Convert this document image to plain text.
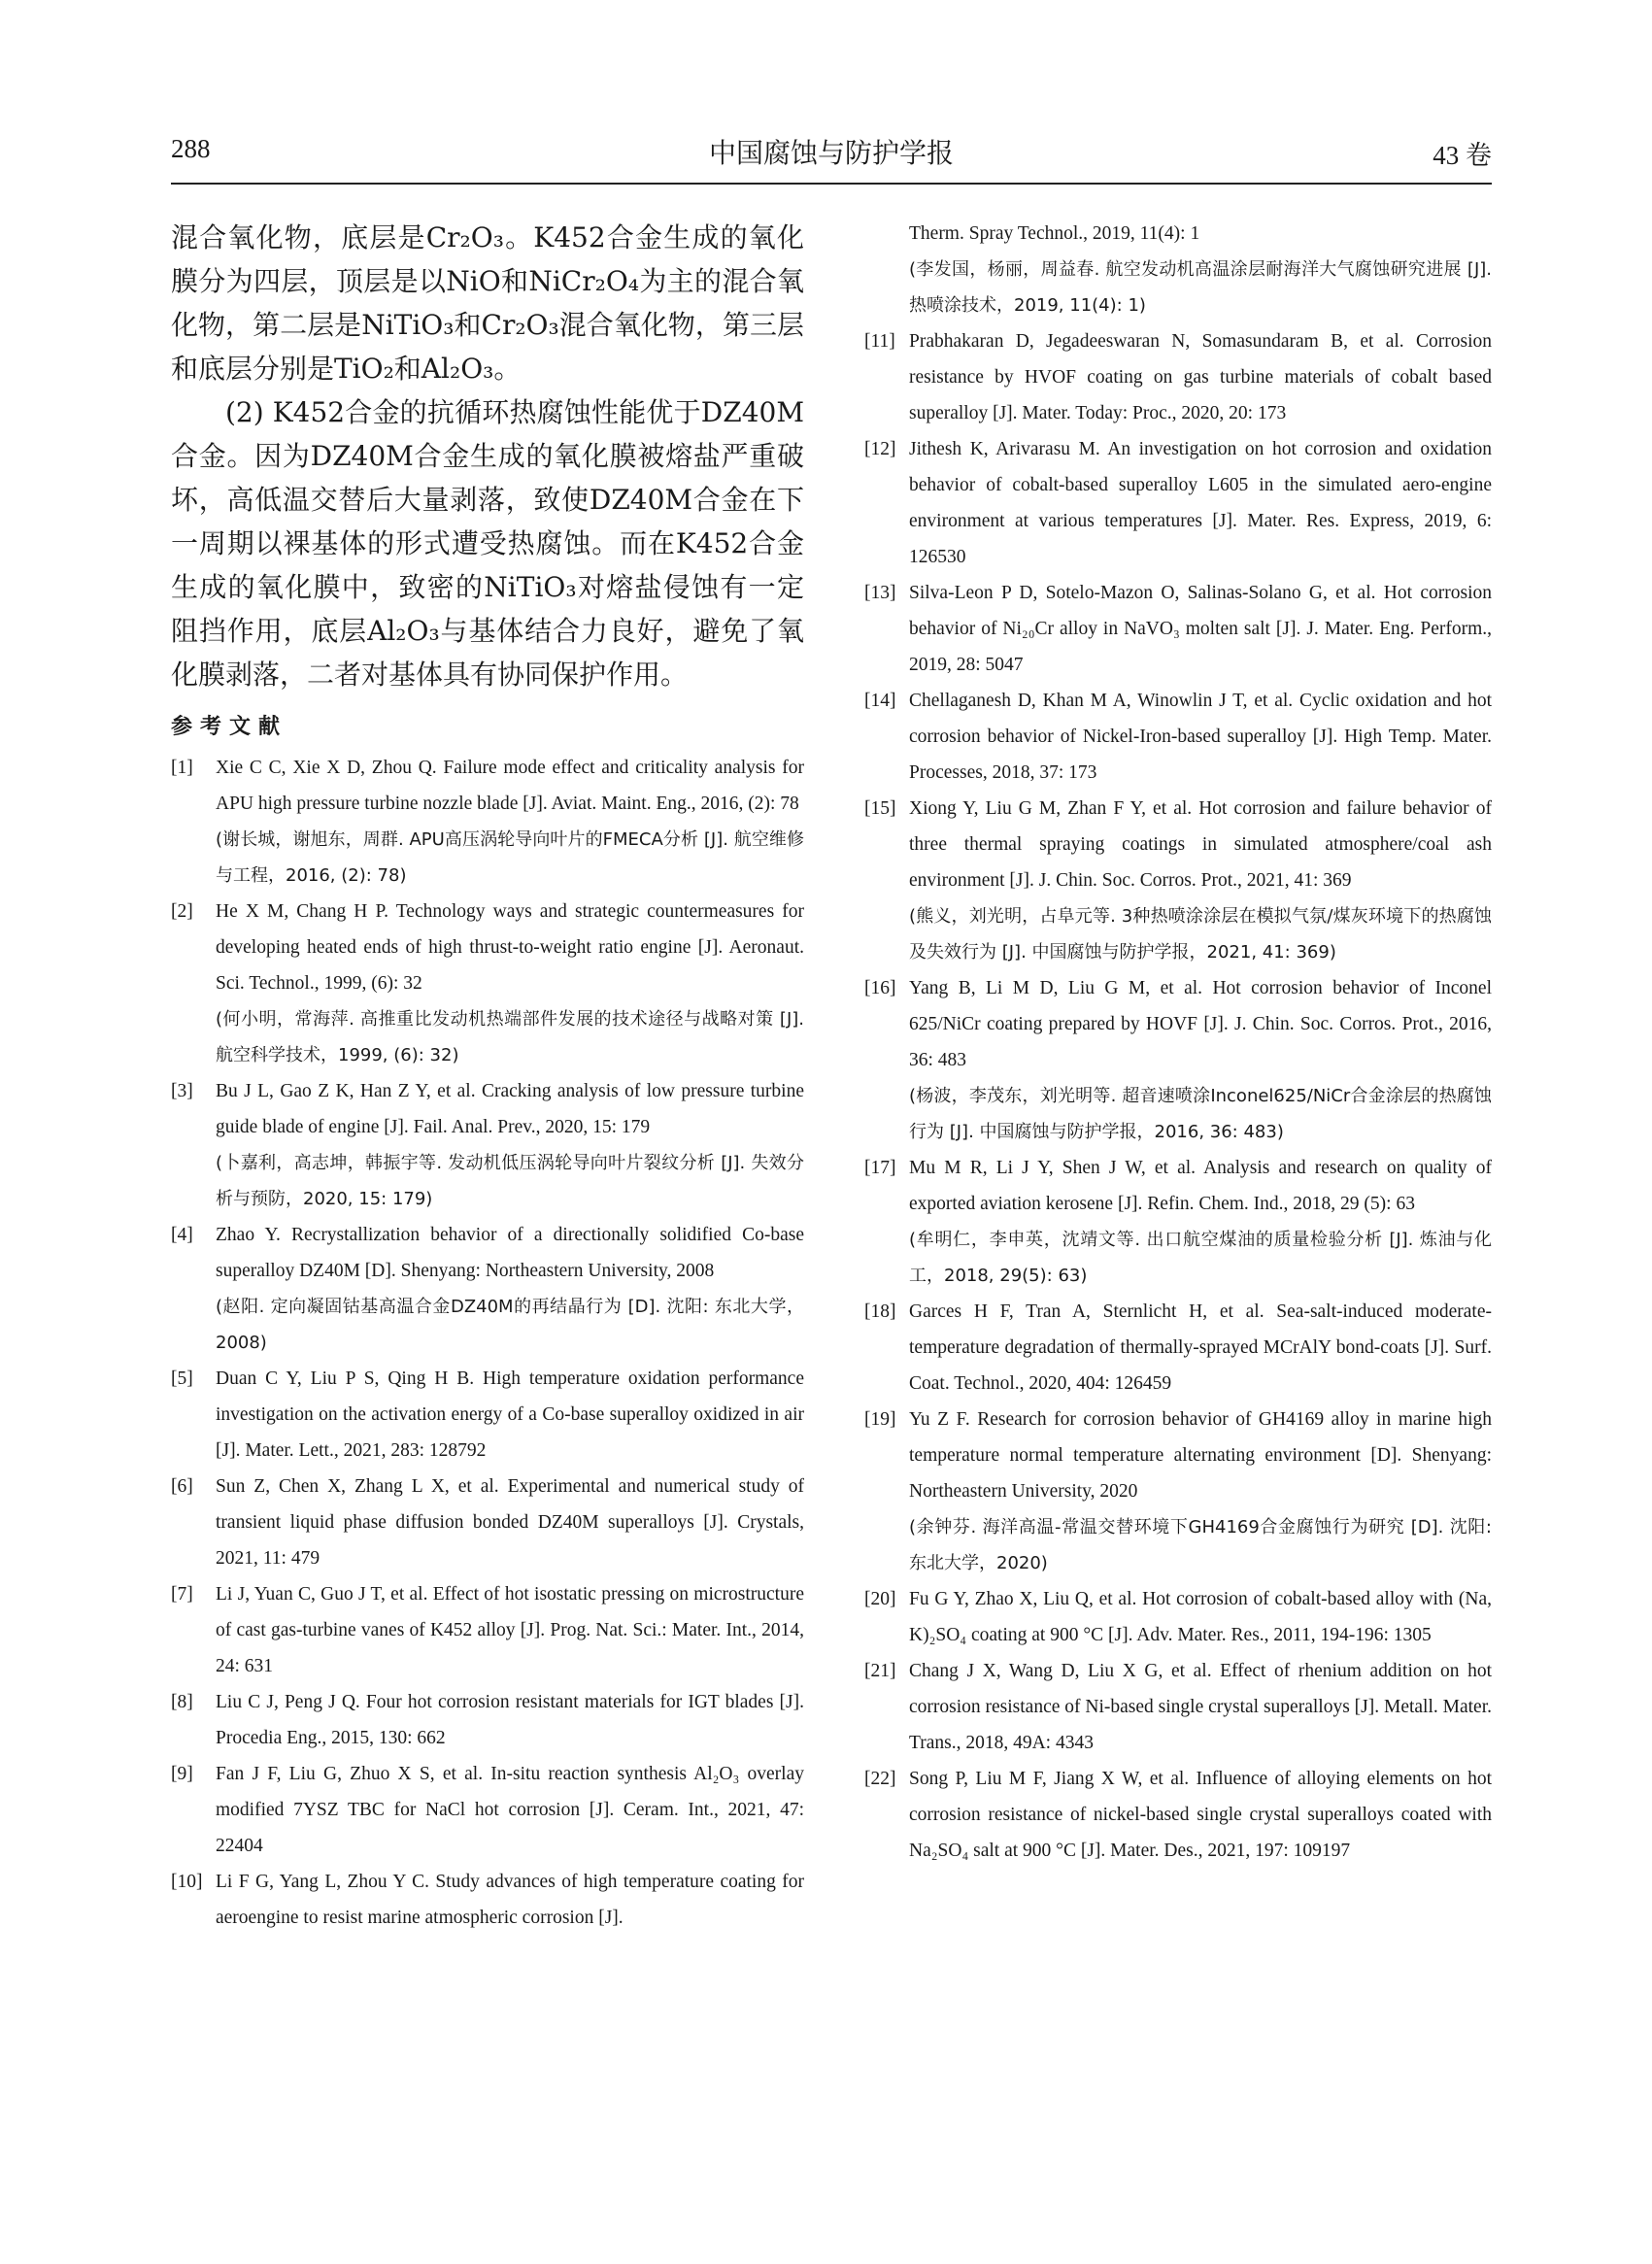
288	中国腐蚀与防护学报	43 卷

混合氧化物，底层是Cr₂O₃。K452合金生成的氧化膜分为四层，顶层是以NiO和NiCr₂O₄为主的混合氧化物，第二层是NiTiO₃和Cr₂O₃混合氧化物，第三层和底层分别是TiO₂和Al₂O₃。

(2) K452合金的抗循环热腐蚀性能优于DZ40M合金。因为DZ40M合金生成的氧化膜被熔盐严重破坏，高低温交替后大量剥落，致使DZ40M合金在下一周期以裸基体的形式遭受热腐蚀。而在K452合金生成的氧化膜中，致密的NiTiO₃对熔盐侵蚀有一定阻挡作用，底层Al₂O₃与基体结合力良好，避免了氧化膜剥落，二者对基体具有协同保护作用。

参考文献
[1] Xie C C, Xie X D, Zhou Q. Failure mode effect and criticality analysis for APU high pressure turbine nozzle blade [J]. Aviat. Maint. Eng., 2016, (2): 78
(谢长城，谢旭东，周群. APU高压涡轮导向叶片的FMECA分析 [J]. 航空维修与工程，2016, (2): 78)
[2] He X M, Chang H P. Technology ways and strategic countermeasures for developing heated ends of high thrust-to-weight ratio engine [J]. Aeronaut. Sci. Technol., 1999, (6): 32
(何小明，常海萍. 高推重比发动机热端部件发展的技术途径与战略对策 [J]. 航空科学技术，1999, (6): 32)
[3] Bu J L, Gao Z K, Han Z Y, et al. Cracking analysis of low pressure turbine guide blade of engine [J]. Fail. Anal. Prev., 2020, 15: 179
(卜嘉利，高志坤，韩振宇等. 发动机低压涡轮导向叶片裂纹分析 [J]. 失效分析与预防，2020, 15: 179)
[4] Zhao Y. Recrystallization behavior of a directionally solidified Co-base superalloy DZ40M [D]. Shenyang: Northeastern University, 2008
(赵阳. 定向凝固钴基高温合金DZ40M的再结晶行为 [D]. 沈阳: 东北大学，2008)
[5] Duan C Y, Liu P S, Qing H B. High temperature oxidation performance investigation on the activation energy of a Co-base superalloy oxidized in air [J]. Mater. Lett., 2021, 283: 128792
[6] Sun Z, Chen X, Zhang L X, et al. Experimental and numerical study of transient liquid phase diffusion bonded DZ40M superalloys [J]. Crystals, 2021, 11: 479
[7] Li J, Yuan C, Guo J T, et al. Effect of hot isostatic pressing on microstructure of cast gas-turbine vanes of K452 alloy [J]. Prog. Nat. Sci.: Mater. Int., 2014, 24: 631
[8] Liu C J, Peng J Q. Four hot corrosion resistant materials for IGT blades [J]. Procedia Eng., 2015, 130: 662
[9] Fan J F, Liu G, Zhuo X S, et al. In-situ reaction synthesis Al₂O₃ overlay modified 7YSZ TBC for NaCl hot corrosion [J]. Ceram. Int., 2021, 47: 22404
[10] Li F G, Yang L, Zhou Y C. Study advances of high temperature coating for aeroengine to resist marine atmospheric corrosion [J].
Therm. Spray Technol., 2019, 11(4): 1
(李发国，杨丽，周益春. 航空发动机高温涂层耐海洋大气腐蚀研究进展 [J]. 热喷涂技术，2019, 11(4): 1)
[11] Prabhakaran D, Jegadeeswaran N, Somasundaram B, et al. Corrosion resistance by HVOF coating on gas turbine materials of cobalt based superalloy [J]. Mater. Today: Proc., 2020, 20: 173
[12] Jithesh K, Arivarasu M. An investigation on hot corrosion and oxidation behavior of cobalt-based superalloy L605 in the simulated aero-engine environment at various temperatures [J]. Mater. Res. Express, 2019, 6: 126530
[13] Silva-Leon P D, Sotelo-Mazon O, Salinas-Solano G, et al. Hot corrosion behavior of Ni₂₀Cr alloy in NaVO₃ molten salt [J]. J. Mater. Eng. Perform., 2019, 28: 5047
[14] Chellaganesh D, Khan M A, Winowlin J T, et al. Cyclic oxidation and hot corrosion behavior of Nickel-Iron-based superalloy [J]. High Temp. Mater. Processes, 2018, 37: 173
[15] Xiong Y, Liu G M, Zhan F Y, et al. Hot corrosion and failure behavior of three thermal spraying coatings in simulated atmosphere/coal ash environment [J]. J. Chin. Soc. Corros. Prot., 2021, 41: 369
(熊义，刘光明，占阜元等. 3种热喷涂涂层在模拟气氛/煤灰环境下的热腐蚀及失效行为 [J]. 中国腐蚀与防护学报，2021, 41: 369)
[16] Yang B, Li M D, Liu G M, et al. Hot corrosion behavior of Inconel 625/NiCr coating prepared by HOVF [J]. J. Chin. Soc. Corros. Prot., 2016, 36: 483
(杨波，李茂东，刘光明等. 超音速喷涂Inconel625/NiCr合金涂层的热腐蚀行为 [J]. 中国腐蚀与防护学报，2016, 36: 483)
[17] Mu M R, Li J Y, Shen J W, et al. Analysis and research on quality of exported aviation kerosene [J]. Refin. Chem. Ind., 2018, 29 (5): 63
(牟明仁，李申英，沈靖文等. 出口航空煤油的质量检验分析 [J]. 炼油与化工，2018, 29(5): 63)
[18] Garces H F, Tran A, Sternlicht H, et al. Sea-salt-induced moderate-temperature degradation of thermally-sprayed MCrAlY bond-coats [J]. Surf. Coat. Technol., 2020, 404: 126459
[19] Yu Z F. Research for corrosion behavior of GH4169 alloy in marine high temperature normal temperature alternating environment [D]. Shenyang: Northeastern University, 2020
(余钟芬. 海洋高温-常温交替环境下GH4169合金腐蚀行为研究 [D]. 沈阳: 东北大学，2020)
[20] Fu G Y, Zhao X, Liu Q, et al. Hot corrosion of cobalt-based alloy with (Na, K)₂SO₄ coating at 900 °C [J]. Adv. Mater. Res., 2011, 194-196: 1305
[21] Chang J X, Wang D, Liu X G, et al. Effect of rhenium addition on hot corrosion resistance of Ni-based single crystal superalloys [J]. Metall. Mater. Trans., 2018, 49A: 4343
[22] Song P, Liu M F, Jiang X W, et al. Influence of alloying elements on hot corrosion resistance of nickel-based single crystal superalloys coated with Na₂SO₄ salt at 900 °C [J]. Mater. Des., 2021, 197: 109197
